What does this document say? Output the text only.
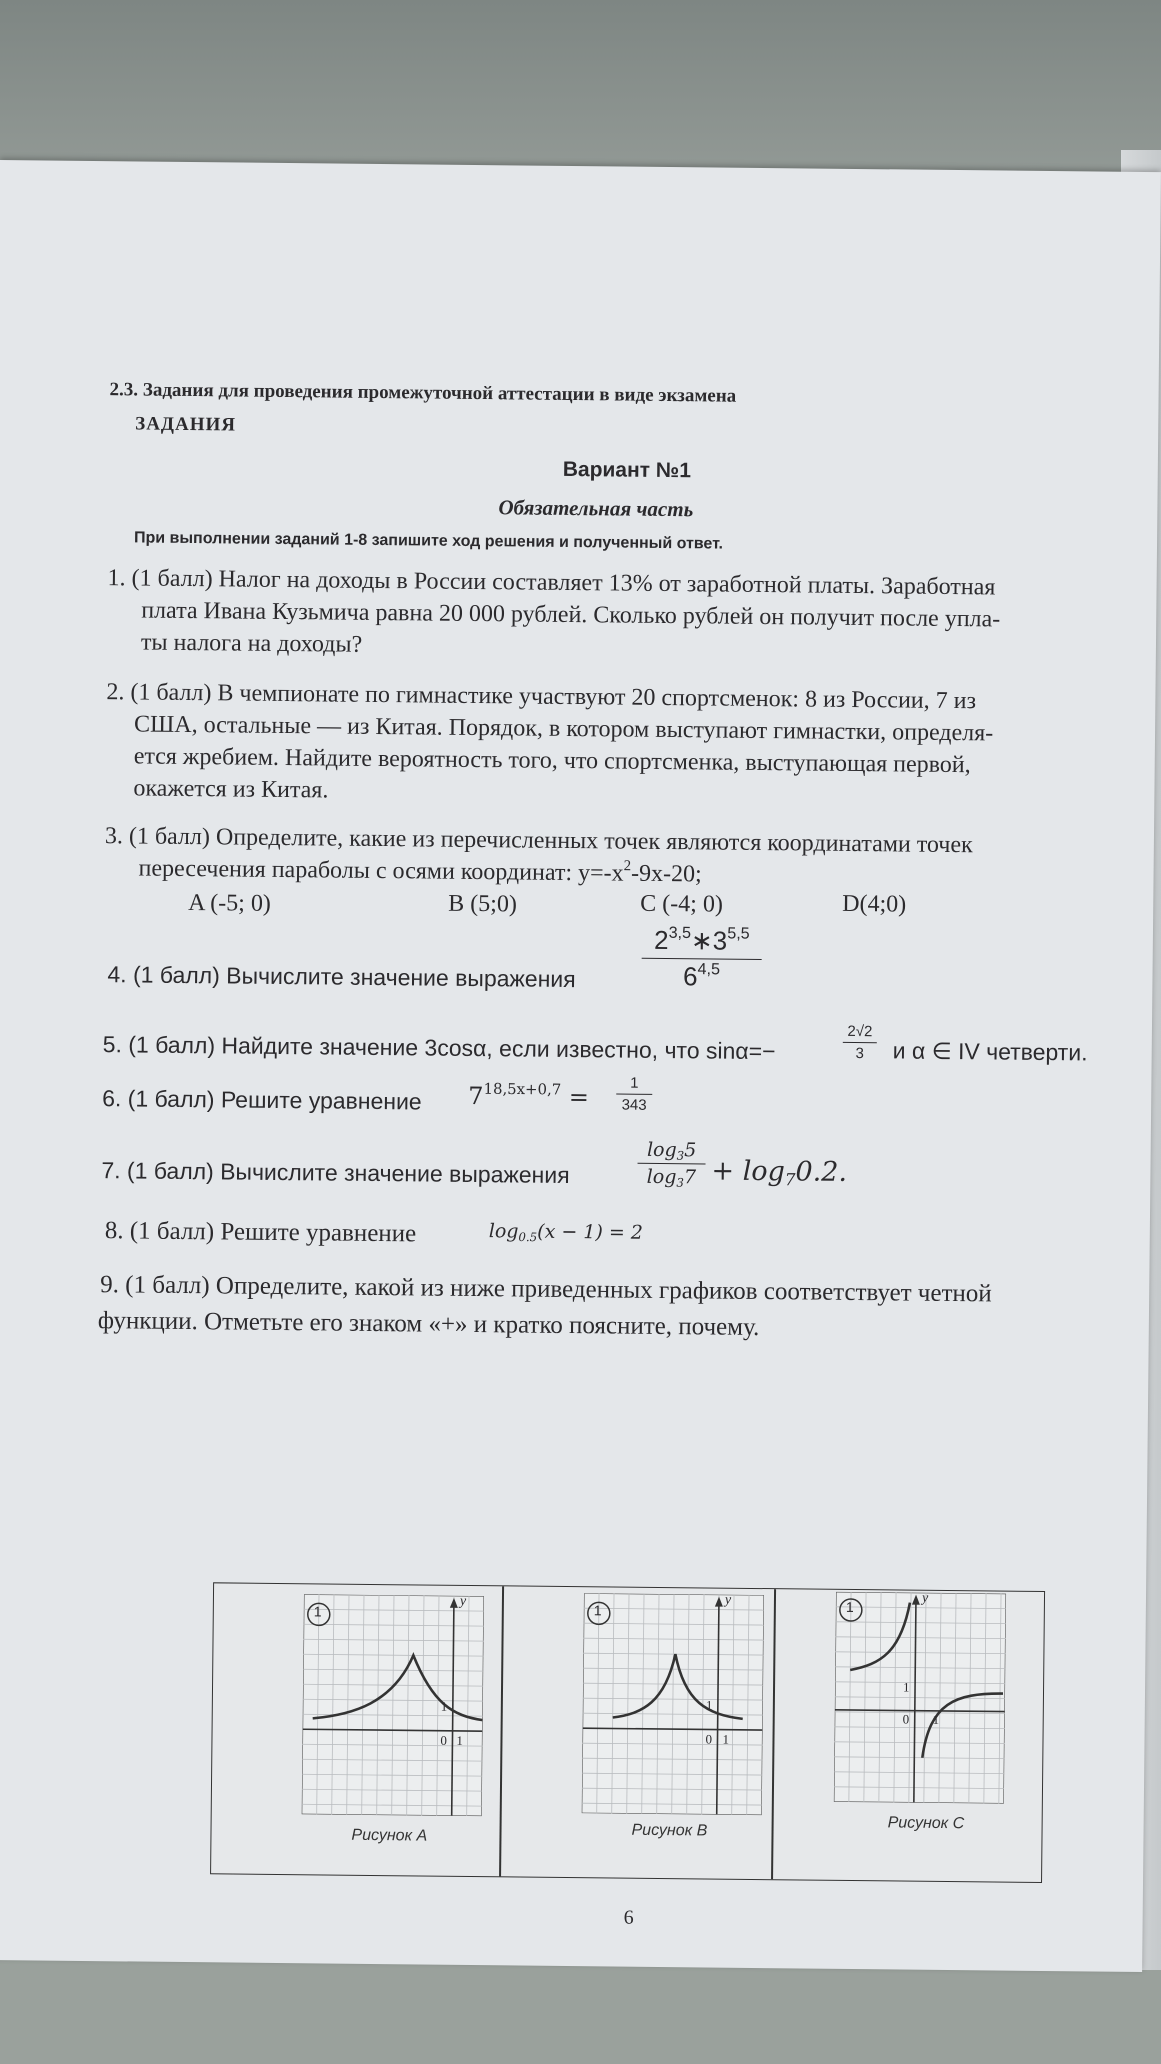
2.3. Задания для проведения промежуточной аттестации в виде экзамена
ЗАДАНИЯ
Вариант №1
Обязательная часть
При выполнении заданий 1-8 запишите ход решения и полученный ответ.
1. (1 балл) Налог на доходы в России составляет 13% от заработной платы. Заработная
плата Ивана Кузьмича равна 20 000 рублей. Сколько рублей он получит после упла-
ты налога на доходы?
2. (1 балл) В чемпионате по гимнастике участвуют 20 спортсменок: 8 из России, 7 из
США, остальные — из Китая. Порядок, в котором выступают гимнастки, определя-
ется жребием. Найдите вероятность того, что спортсменка, выступающая первой,
окажется из Китая.
3. (1 балл) Определите, какие из перечисленных точек являются координатами точек
пересечения параболы с осями координат: $y=-x^2-9x-20$;
A (-5; 0)	B (5;0)	C (-4; 0)	D(4;0)
4. (1 балл) Вычислите значение выражения
2$^{3,5}$∗3$^{5,5}$
6$^{4,5}$
5. (1 балл) Найдите значение 3cosα, если известно, что sinα=−	2√2
3	и α ∈ IV четверти.
6. (1 балл) Решите уравнение $7^{18,5x+0,7}$ =	1
343
7. (1 балл) Вычислите значение выражения
$\log_35$
$\log_37 + \log_70.2$.
8. (1 балл) Решите уравнение	$\log_{0.5}(x - 1) = 2$
9. (1 балл) Определите, какой из ниже приведенных графиков соответствует четной
функции. Отметьте его знаком «+» и кратко поясните, почему.
1
y
1
0 1
Рисунок А
1
y
1
0 1
Рисунок В
1
y
1
0 1
Рисунок С
6
